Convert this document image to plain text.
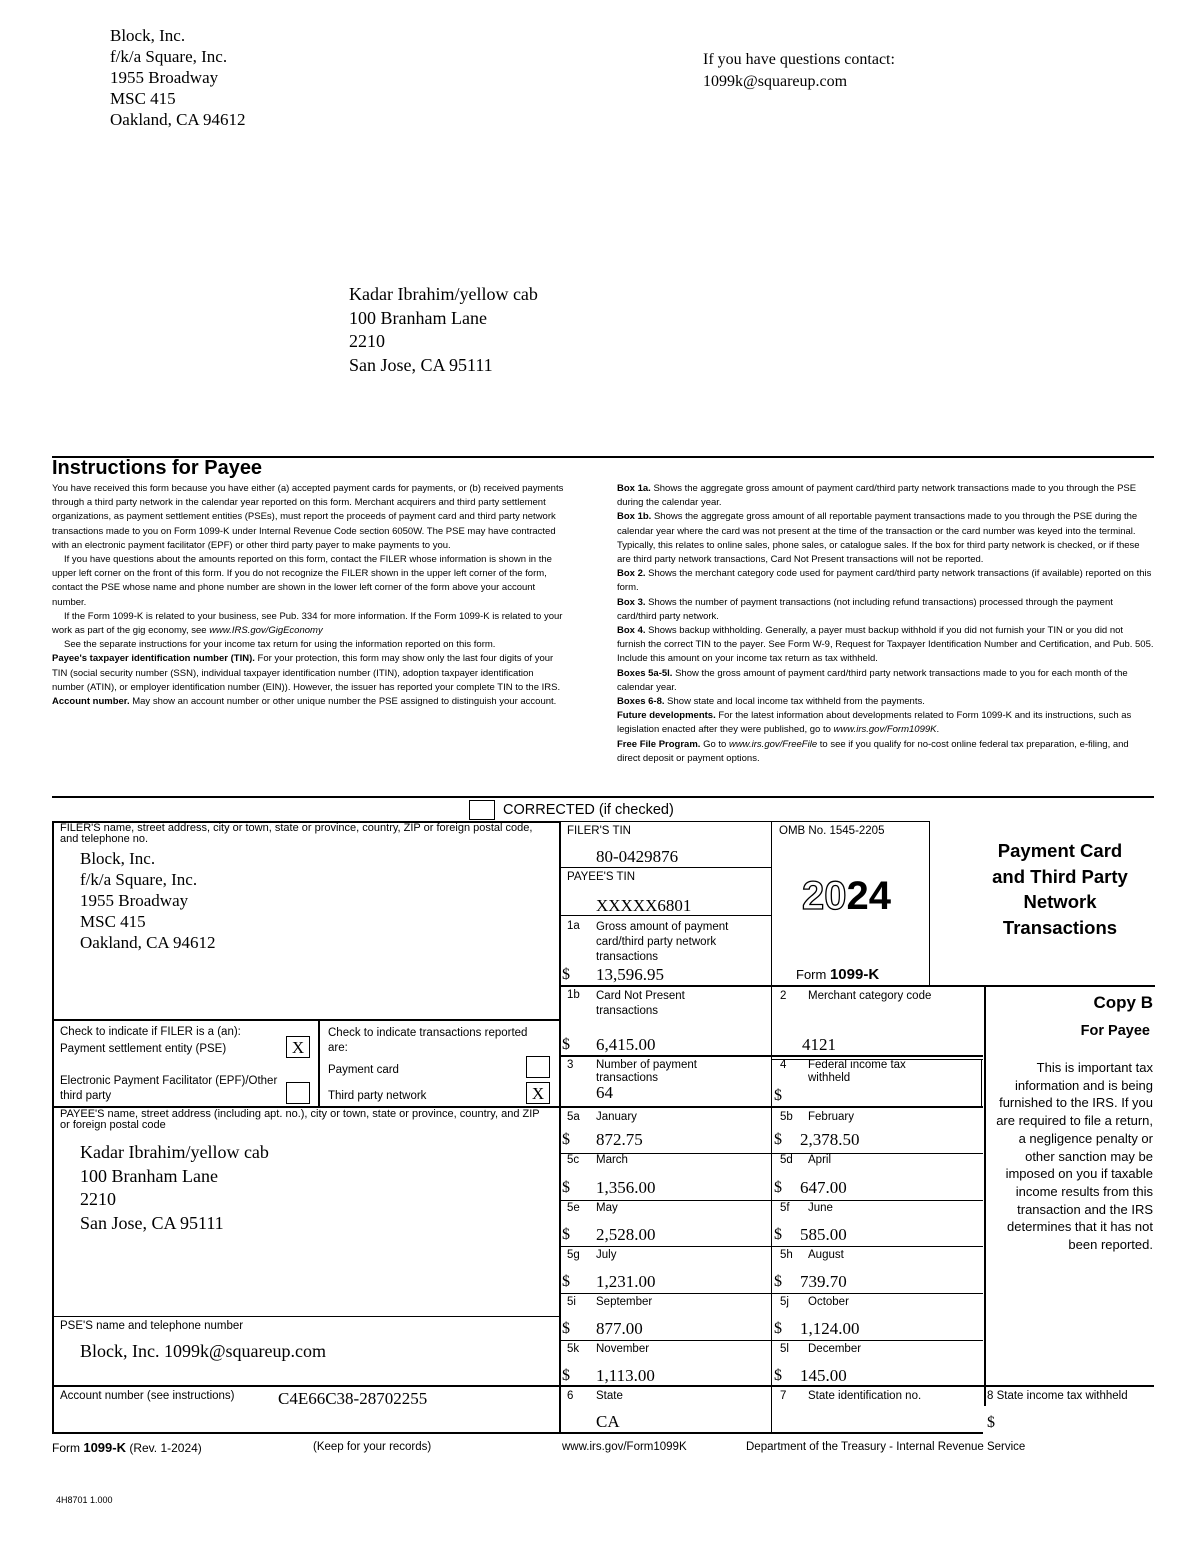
Block, Inc.
f/k/a Square, Inc.
1955 Broadway
MSC 415
Oakland, CA 94612
If you have questions contact:
1099k@squareup.com
Kadar Ibrahim/yellow cab
100 Branham Lane
2210
San Jose, CA 95111
Instructions for Payee
You have received this form because you have either (a) accepted payment cards for payments, or (b) received payments through a third party network in the calendar year reported on this form. Merchant acquirers and third party settlement organizations, as payment settlement entities (PSEs), must report the proceeds of payment card and third party network transactions made to you on Form 1099-K under Internal Revenue Code section 6050W. The PSE may have contracted with an electronic payment facilitator (EPF) or other third party payer to make payments to you.
If you have questions about the amounts reported on this form, contact the FILER whose information is shown in the upper left corner on the front of this form. If you do not recognize the FILER shown in the upper left corner of the form, contact the PSE whose name and phone number are shown in the lower left corner of the form above your account number.
If the Form 1099-K is related to your business, see Pub. 334 for more information. If the Form 1099-K is related to your work as part of the gig economy, see www.IRS.gov/GigEconomy
See the separate instructions for your income tax return for using the information reported on this form.
Payee's taxpayer identification number (TIN). For your protection, this form may show only the last four digits of your TIN (social security number (SSN), individual taxpayer identification number (ITIN), adoption taxpayer identification number (ATIN), or employer identification number (EIN)). However, the issuer has reported your complete TIN to the IRS.
Account number. May show an account number or other unique number the PSE assigned to distinguish your account.
Box 1a. Shows the aggregate gross amount of payment card/third party network transactions made to you through the PSE during the calendar year.
Box 1b. Shows the aggregate gross amount of all reportable payment transactions made to you through the PSE during the calendar year where the card was not present at the time of the transaction or the card number was keyed into the terminal. Typically, this relates to online sales, phone sales, or catalogue sales. If the box for third party network is checked, or if these are third party network transactions, Card Not Present transactions will not be reported.
Box 2. Shows the merchant category code used for payment card/third party network transactions (if available) reported on this form.
Box 3. Shows the number of payment transactions (not including refund transactions) processed through the payment card/third party network.
Box 4. Shows backup withholding. Generally, a payer must backup withhold if you did not furnish your TIN or you did not furnish the correct TIN to the payer. See Form W-9, Request for Taxpayer Identification Number and Certification, and Pub. 505. Include this amount on your income tax return as tax withheld.
Boxes 5a-5l. Show the gross amount of payment card/third party network transactions made to you for each month of the calendar year.
Boxes 6-8. Show state and local income tax withheld from the payments.
Future developments. For the latest information about developments related to Form 1099-K and its instructions, such as legislation enacted after they were published, go to www.irs.gov/Form1099K.
Free File Program. Go to www.irs.gov/FreeFile to see if you qualify for no-cost online federal tax preparation, e-filing, and direct deposit or payment options.
CORRECTED (if checked)
FILER'S name, street address, city or town, state or province, country, ZIP or foreign postal code, and telephone no.
Block, Inc.
f/k/a Square, Inc.
1955 Broadway
MSC 415
Oakland, CA 94612
FILER'S TIN
80-0429876
PAYEE'S TIN
XXXXX6801
1a Gross amount of payment card/third party network transactions
$ 13,596.95
OMB No. 1545-2205
2024
Form 1099-K
Payment Card
and Third Party
Network
Transactions
1b Card Not Present transactions
$ 6,415.00
2 Merchant category code
4121
Copy B
For Payee
This is important tax information and is being furnished to the IRS. If you are required to file a return, a negligence penalty or other sanction may be imposed on you if taxable income results from this transaction and the IRS determines that it has not been reported.
Check to indicate if FILER is a (an):
Payment settlement entity (PSE)	X
Electronic Payment Facilitator (EPF)/Other third party
Check to indicate transactions reported are:
Payment card
Third party network	X
3 Number of payment transactions
64
4 Federal income tax withheld
$
PAYEE'S name, street address (including apt. no.), city or town, state or province, country, and ZIP or foreign postal code
Kadar Ibrahim/yellow cab
100 Branham Lane
2210
San Jose, CA 95111
PSE'S name and telephone number
Block, Inc. 1099k@squareup.com
Account number (see instructions)	C4E66C38-28702255
5a January
$ 872.75
5b February
$ 2,378.50
5c March
$ 1,356.00
5d April
$ 647.00
5e May
$ 2,528.00
5f June
$ 585.00
5g July
$ 1,231.00
5h August
$ 739.70
5i September
$ 877.00
5j October
$ 1,124.00
5k November
$ 1,113.00
5l December
$ 145.00
6 State
CA
7 State identification no.	8 State income tax withheld
$
Form 1099-K (Rev. 1-2024)	(Keep for your records)	www.irs.gov/Form1099K	Department of the Treasury - Internal Revenue Service
4H8701 1.000
